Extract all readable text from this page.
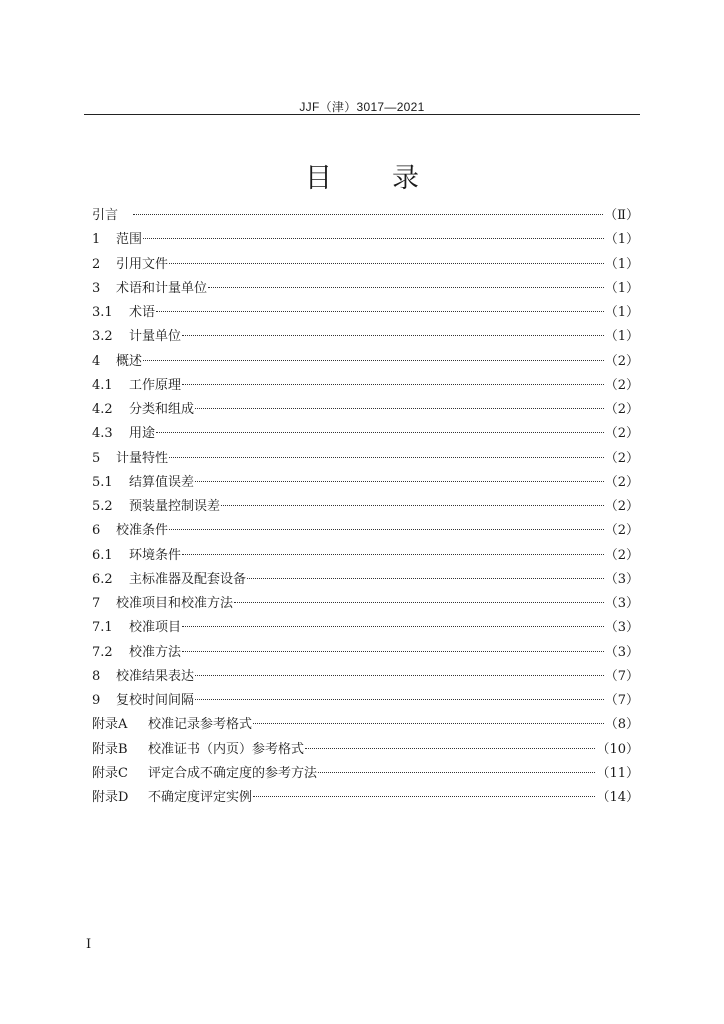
JJF（津）3017—2021
目 录
引言	（Ⅱ）
1	范围	（1）
2	引用文件	（1）
3	术语和计量单位	（1）
3.1	术语	（1）
3.2	计量单位	（1）
4	概述	（2）
4.1	工作原理	（2）
4.2	分类和组成	（2）
4.3	用途	（2）
5	计量特性	（2）
5.1	结算值误差	（2）
5.2	预装量控制误差	（2）
6	校准条件	（2）
6.1	环境条件	（2）
6.2	主标准器及配套设备	（3）
7	校准项目和校准方法	（3）
7.1	校准项目	（3）
7.2	校准方法	（3）
8	校准结果表达	（7）
9	复校时间间隔	（7）
附录A	校准记录参考格式	（8）
附录B	校准证书（内页）参考格式	（10）
附录C	评定合成不确定度的参考方法	（11）
附录D	不确定度评定实例	（14）
I
